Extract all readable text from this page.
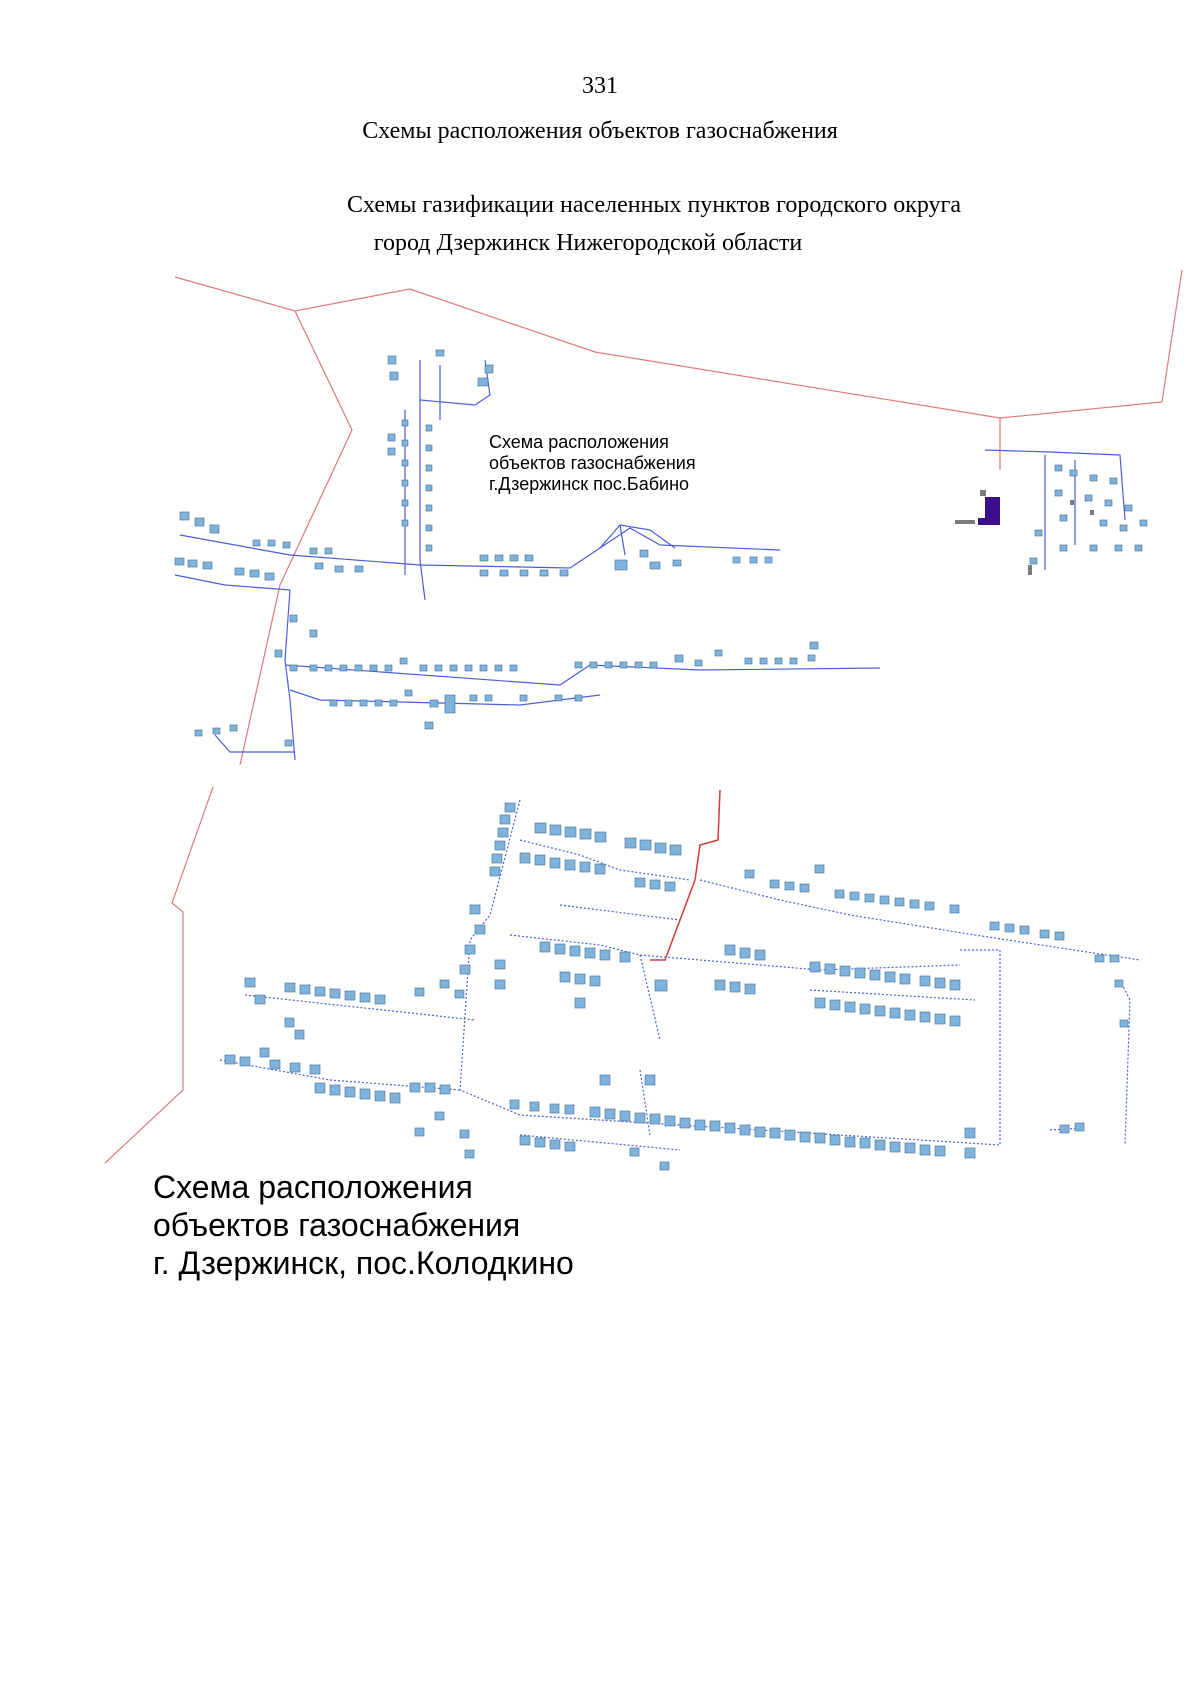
331
Схемы расположения объектов газоснабжения
Схемы газификации населенных пунктов городского округа
город Дзержинск Нижегородской области
Схема расположения
объектов газоснабжения
г.Дзержинск пос.Бабино
Схема расположения
объектов газоснабжения
г. Дзержинск, пос.Колодкино
